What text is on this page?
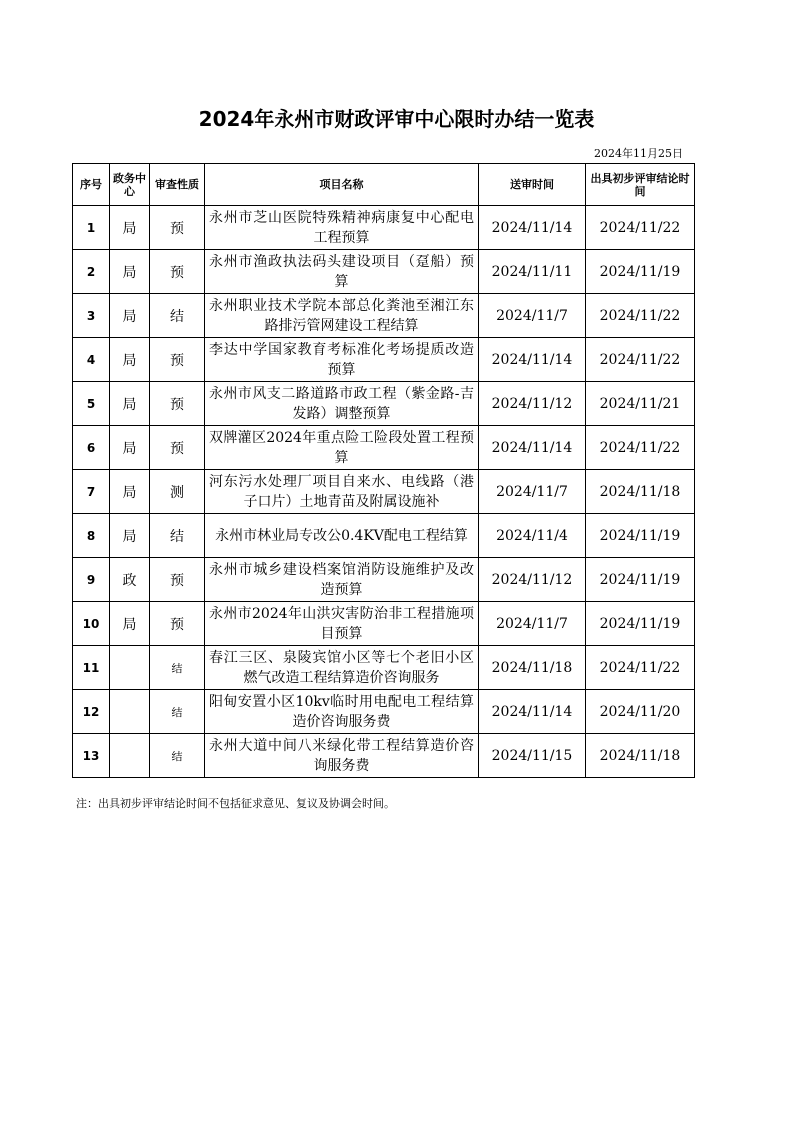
2024年永州市财政评审中心限时办结一览表
2024年11月25日
序号	政务中心	审查性质	项目名称	送审时间	出具初步评审结论时间
1	局	预	永州市芝山医院特殊精神病康复中心配电工程预算	2024/11/14	2024/11/22
2	局	预	永州市渔政执法码头建设项目（趸船）预算	2024/11/11	2024/11/19
3	局	结	永州职业技术学院本部总化粪池至湘江东路排污管网建设工程结算	2024/11/7	2024/11/22
4	局	预	李达中学国家教育考标准化考场提质改造预算	2024/11/14	2024/11/22
5	局	预	永州市风支二路道路市政工程（紫金路-吉发路）调整预算	2024/11/12	2024/11/21
6	局	预	双牌灌区2024年重点险工险段处置工程预算	2024/11/14	2024/11/22
7	局	测	河东污水处理厂项目自来水、电线路（港子口片）土地青苗及附属设施补	2024/11/7	2024/11/18
8	局	结	永州市林业局专改公0.4KV配电工程结算	2024/11/4	2024/11/19
9	政	预	永州市城乡建设档案馆消防设施维护及改造预算	2024/11/12	2024/11/19
10	局	预	永州市2024年山洪灾害防治非工程措施项目预算	2024/11/7	2024/11/19
11		结	春江三区、泉陵宾馆小区等七个老旧小区燃气改造工程结算造价咨询服务	2024/11/18	2024/11/22
12		结	阳甸安置小区10kv临时用电配电工程结算造价咨询服务费	2024/11/14	2024/11/20
13		结	永州大道中间八米绿化带工程结算造价咨询服务费	2024/11/15	2024/11/18
注：出具初步评审结论时间不包括征求意见、复议及协调会时间。
